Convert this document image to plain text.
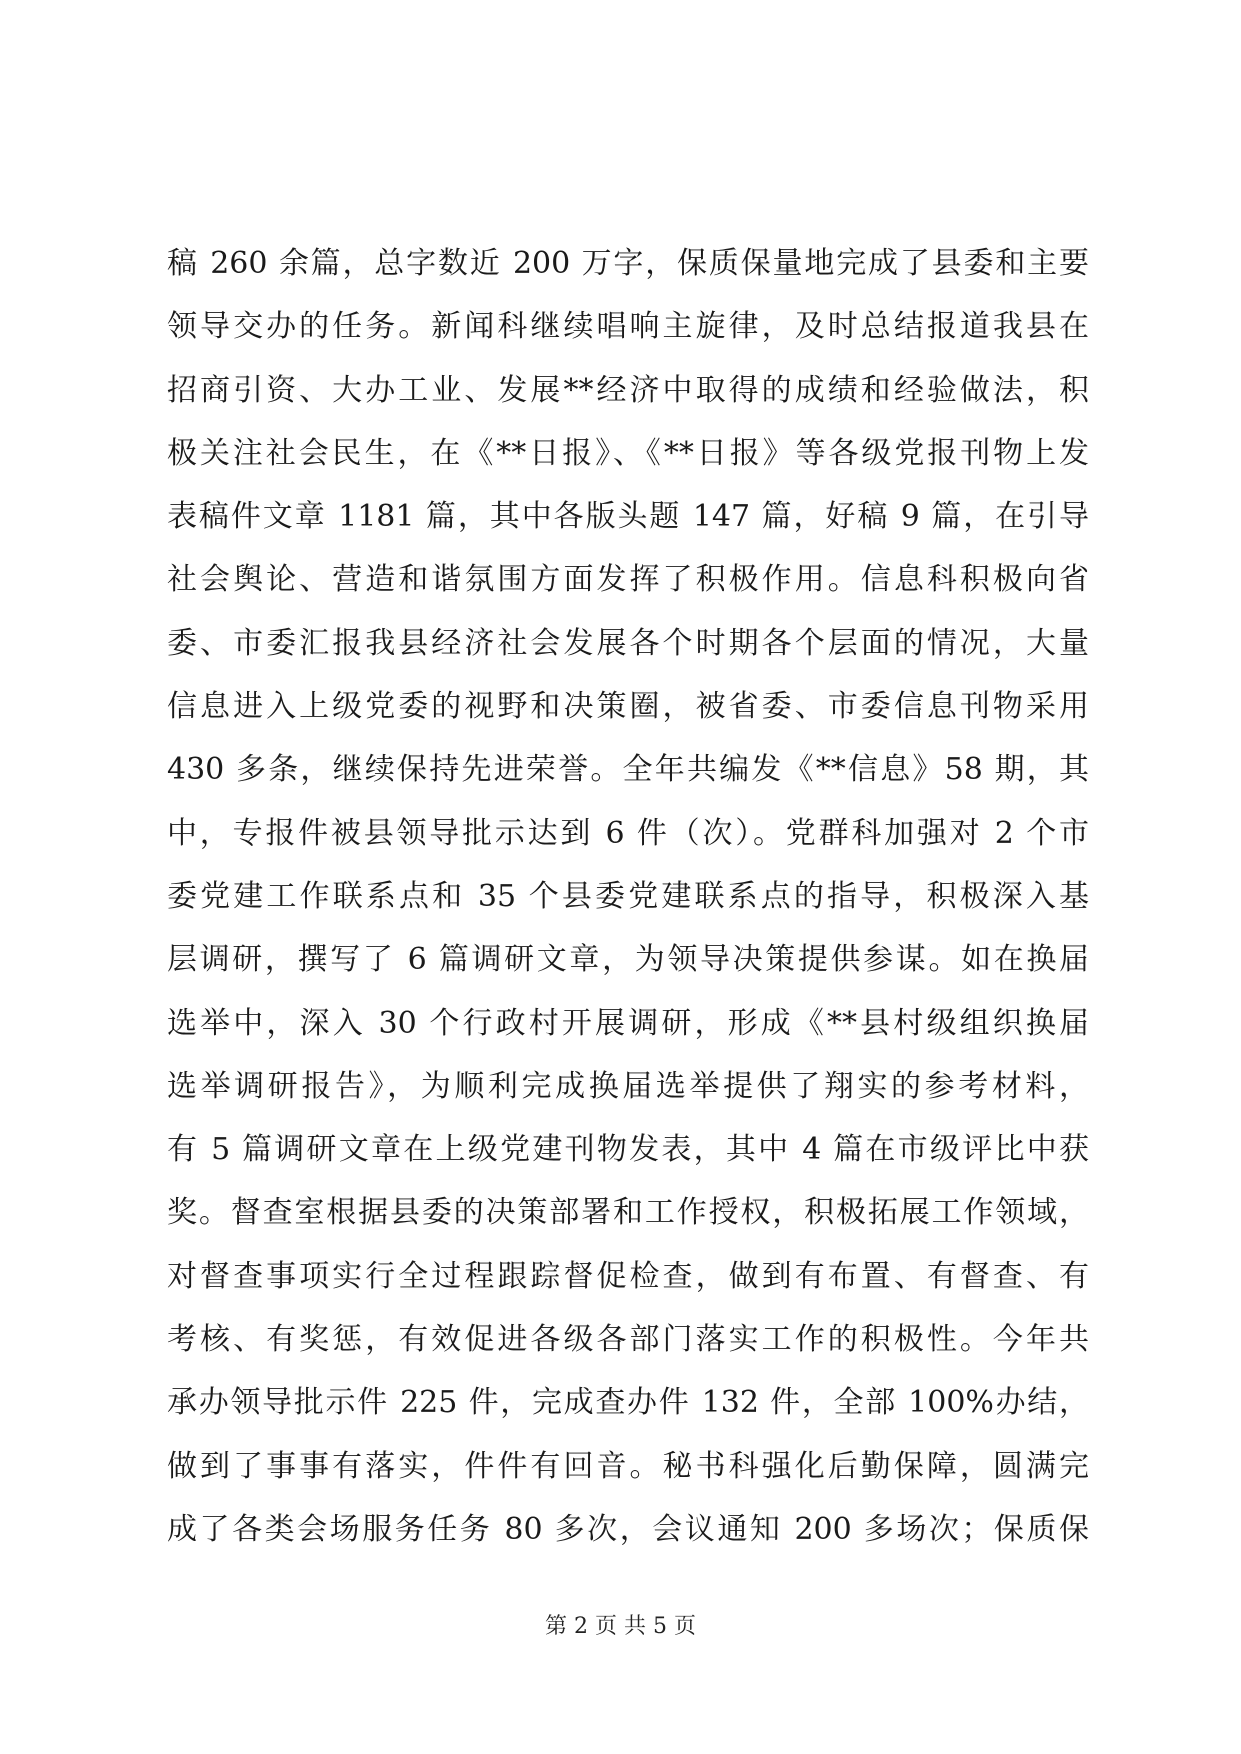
稿 260 余篇，总字数近 200 万字，保质保量地完成了县委和主要
领导交办的任务。新闻科继续唱响主旋律，及时总结报道我县在
招商引资、大办工业、发展**经济中取得的成绩和经验做法，积
极关注社会民生，在《**日报》、《**日报》等各级党报刊物上发
表稿件文章 1181 篇，其中各版头题 147 篇，好稿 9 篇，在引导
社会舆论、营造和谐氛围方面发挥了积极作用。信息科积极向省
委、市委汇报我县经济社会发展各个时期各个层面的情况，大量
信息进入上级党委的视野和决策圈，被省委、市委信息刊物采用
430 多条，继续保持先进荣誉。全年共编发《**信息》58 期，其
中，专报件被县领导批示达到 6 件（次）。党群科加强对 2 个市
委党建工作联系点和 35 个县委党建联系点的指导，积极深入基
层调研，撰写了 6 篇调研文章，为领导决策提供参谋。如在换届
选举中，深入 30 个行政村开展调研，形成《**县村级组织换届
选举调研报告》，为顺利完成换届选举提供了翔实的参考材料，
有 5 篇调研文章在上级党建刊物发表，其中 4 篇在市级评比中获
奖。督查室根据县委的决策部署和工作授权，积极拓展工作领域，
对督查事项实行全过程跟踪督促检查，做到有布置、有督查、有
考核、有奖惩，有效促进各级各部门落实工作的积极性。今年共
承办领导批示件 225 件，完成查办件 132 件，全部 100%办结，
做到了事事有落实，件件有回音。秘书科强化后勤保障，圆满完
成了各类会场服务任务 80 多次，会议通知 200 多场次；保质保
第 2 页 共 5 页
